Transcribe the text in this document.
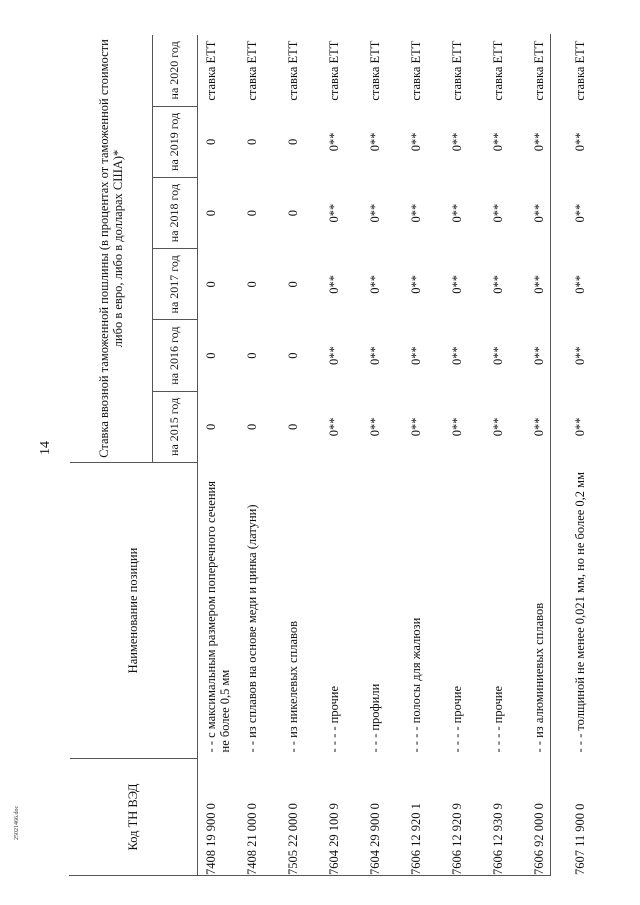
14
25021466.doc	Код ТН ВЭД	Наименование позиции	Ставка ввозной таможенной пошлины (в процентах от таможенной стоимости либо в евро, либо в долларах США)*					
		на 2015 год	на 2016 год	на 2017 год	на 2018 год	на 2019 год	на 2020 год
7408 19 900 0	- - с максимальным размером поперечного сечения не более 0,5 мм	0	0	0	0	0	ставка ЕТТ
7408 21 000 0	- - из сплавов на основе меди и цинка (латуни)	0	0	0	0	0	ставка ЕТТ
7505 22 000 0	- - из никелевых сплавов	0	0	0	0	0	ставка ЕТТ
7604 29 100 9	- - - - прочие	0**	0**	0**	0**	0**	ставка ЕТТ
7604 29 900 0	- - - профили	0**	0**	0**	0**	0**	ставка ЕТТ
7606 12 920 1	- - - - полосы для жалюзи	0**	0**	0**	0**	0**	ставка ЕТТ
7606 12 920 9	- - - - прочие	0**	0**	0**	0**	0**	ставка ЕТТ
7606 12 930 9	- - - - прочие	0**	0**	0**	0**	0**	ставка ЕТТ
7606 92 000 0	- - из алюминиевых сплавов	0**	0**	0**	0**	0**	ставка ЕТТ
7607 11 900 0	- - - толщиной не менее 0,021 мм, но не более 0,2 мм	0**	0**	0**	0**	0**	ставка ЕТТ
